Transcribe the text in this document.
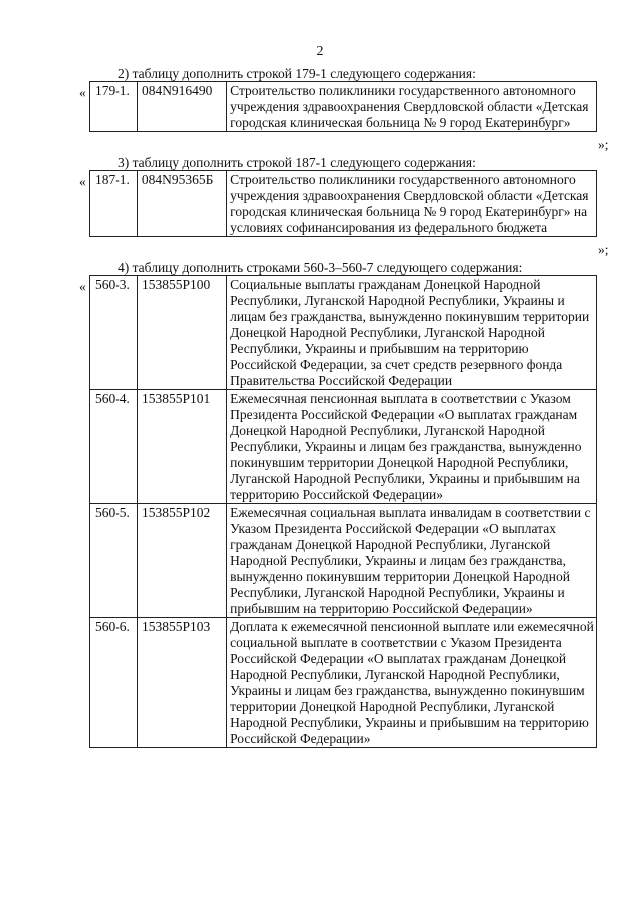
2
2) таблицу дополнить строкой 179-1 следующего содержания:
« 179-1.	084N916490	Строительство поликлиники государственного автономного учреждения здравоохранения Свердловской области «Детская городская клиническая больница № 9 город Екатеринбург»
»;
3) таблицу дополнить строкой 187-1 следующего содержания:
« 187-1.	084N95365Б	Строительство поликлиники государственного автономного учреждения здравоохранения Свердловской области «Детская городская клиническая больница № 9 город Екатеринбург» на условиях софинансирования из федерального бюджета
»;
4) таблицу дополнить строками 560-3–560-7 следующего содержания:
« 560-3.	153855Р100	Социальные выплаты гражданам Донецкой Народной Республики, Луганской Народной Республики, Украины и лицам без гражданства, вынужденно покинувшим территории Донецкой Народной Республики, Луганской Народной Республики, Украины и прибывшим на территорию Российской Федерации, за счет средств резервного фонда Правительства Российской Федерации
560-4.	153855Р101	Ежемесячная пенсионная выплата в соответствии с Указом Президента Российской Федерации «О выплатах гражданам Донецкой Народной Республики, Луганской Народной Республики, Украины и лицам без гражданства, вынужденно покинувшим территории Донецкой Народной Республики, Луганской Народной Республики, Украины и прибывшим на территорию Российской Федерации»
560-5.	153855Р102	Ежемесячная социальная выплата инвалидам в соответствии с Указом Президента Российской Федерации «О выплатах гражданам Донецкой Народной Республики, Луганской Народной Республики, Украины и лицам без гражданства, вынужденно покинувшим территории Донецкой Народной Республики, Луганской Народной Республики, Украины и прибывшим на территорию Российской Федерации»
560-6.	153855Р103	Доплата к ежемесячной пенсионной выплате или ежемесячной социальной выплате в соответствии с Указом Президента Российской Федерации «О выплатах гражданам Донецкой Народной Республики, Луганской Народной Республики, Украины и лицам без гражданства, вынужденно покинувшим территории Донецкой Народной Республики, Луганской Народной Республики, Украины и прибывшим на территорию Российской Федерации»
